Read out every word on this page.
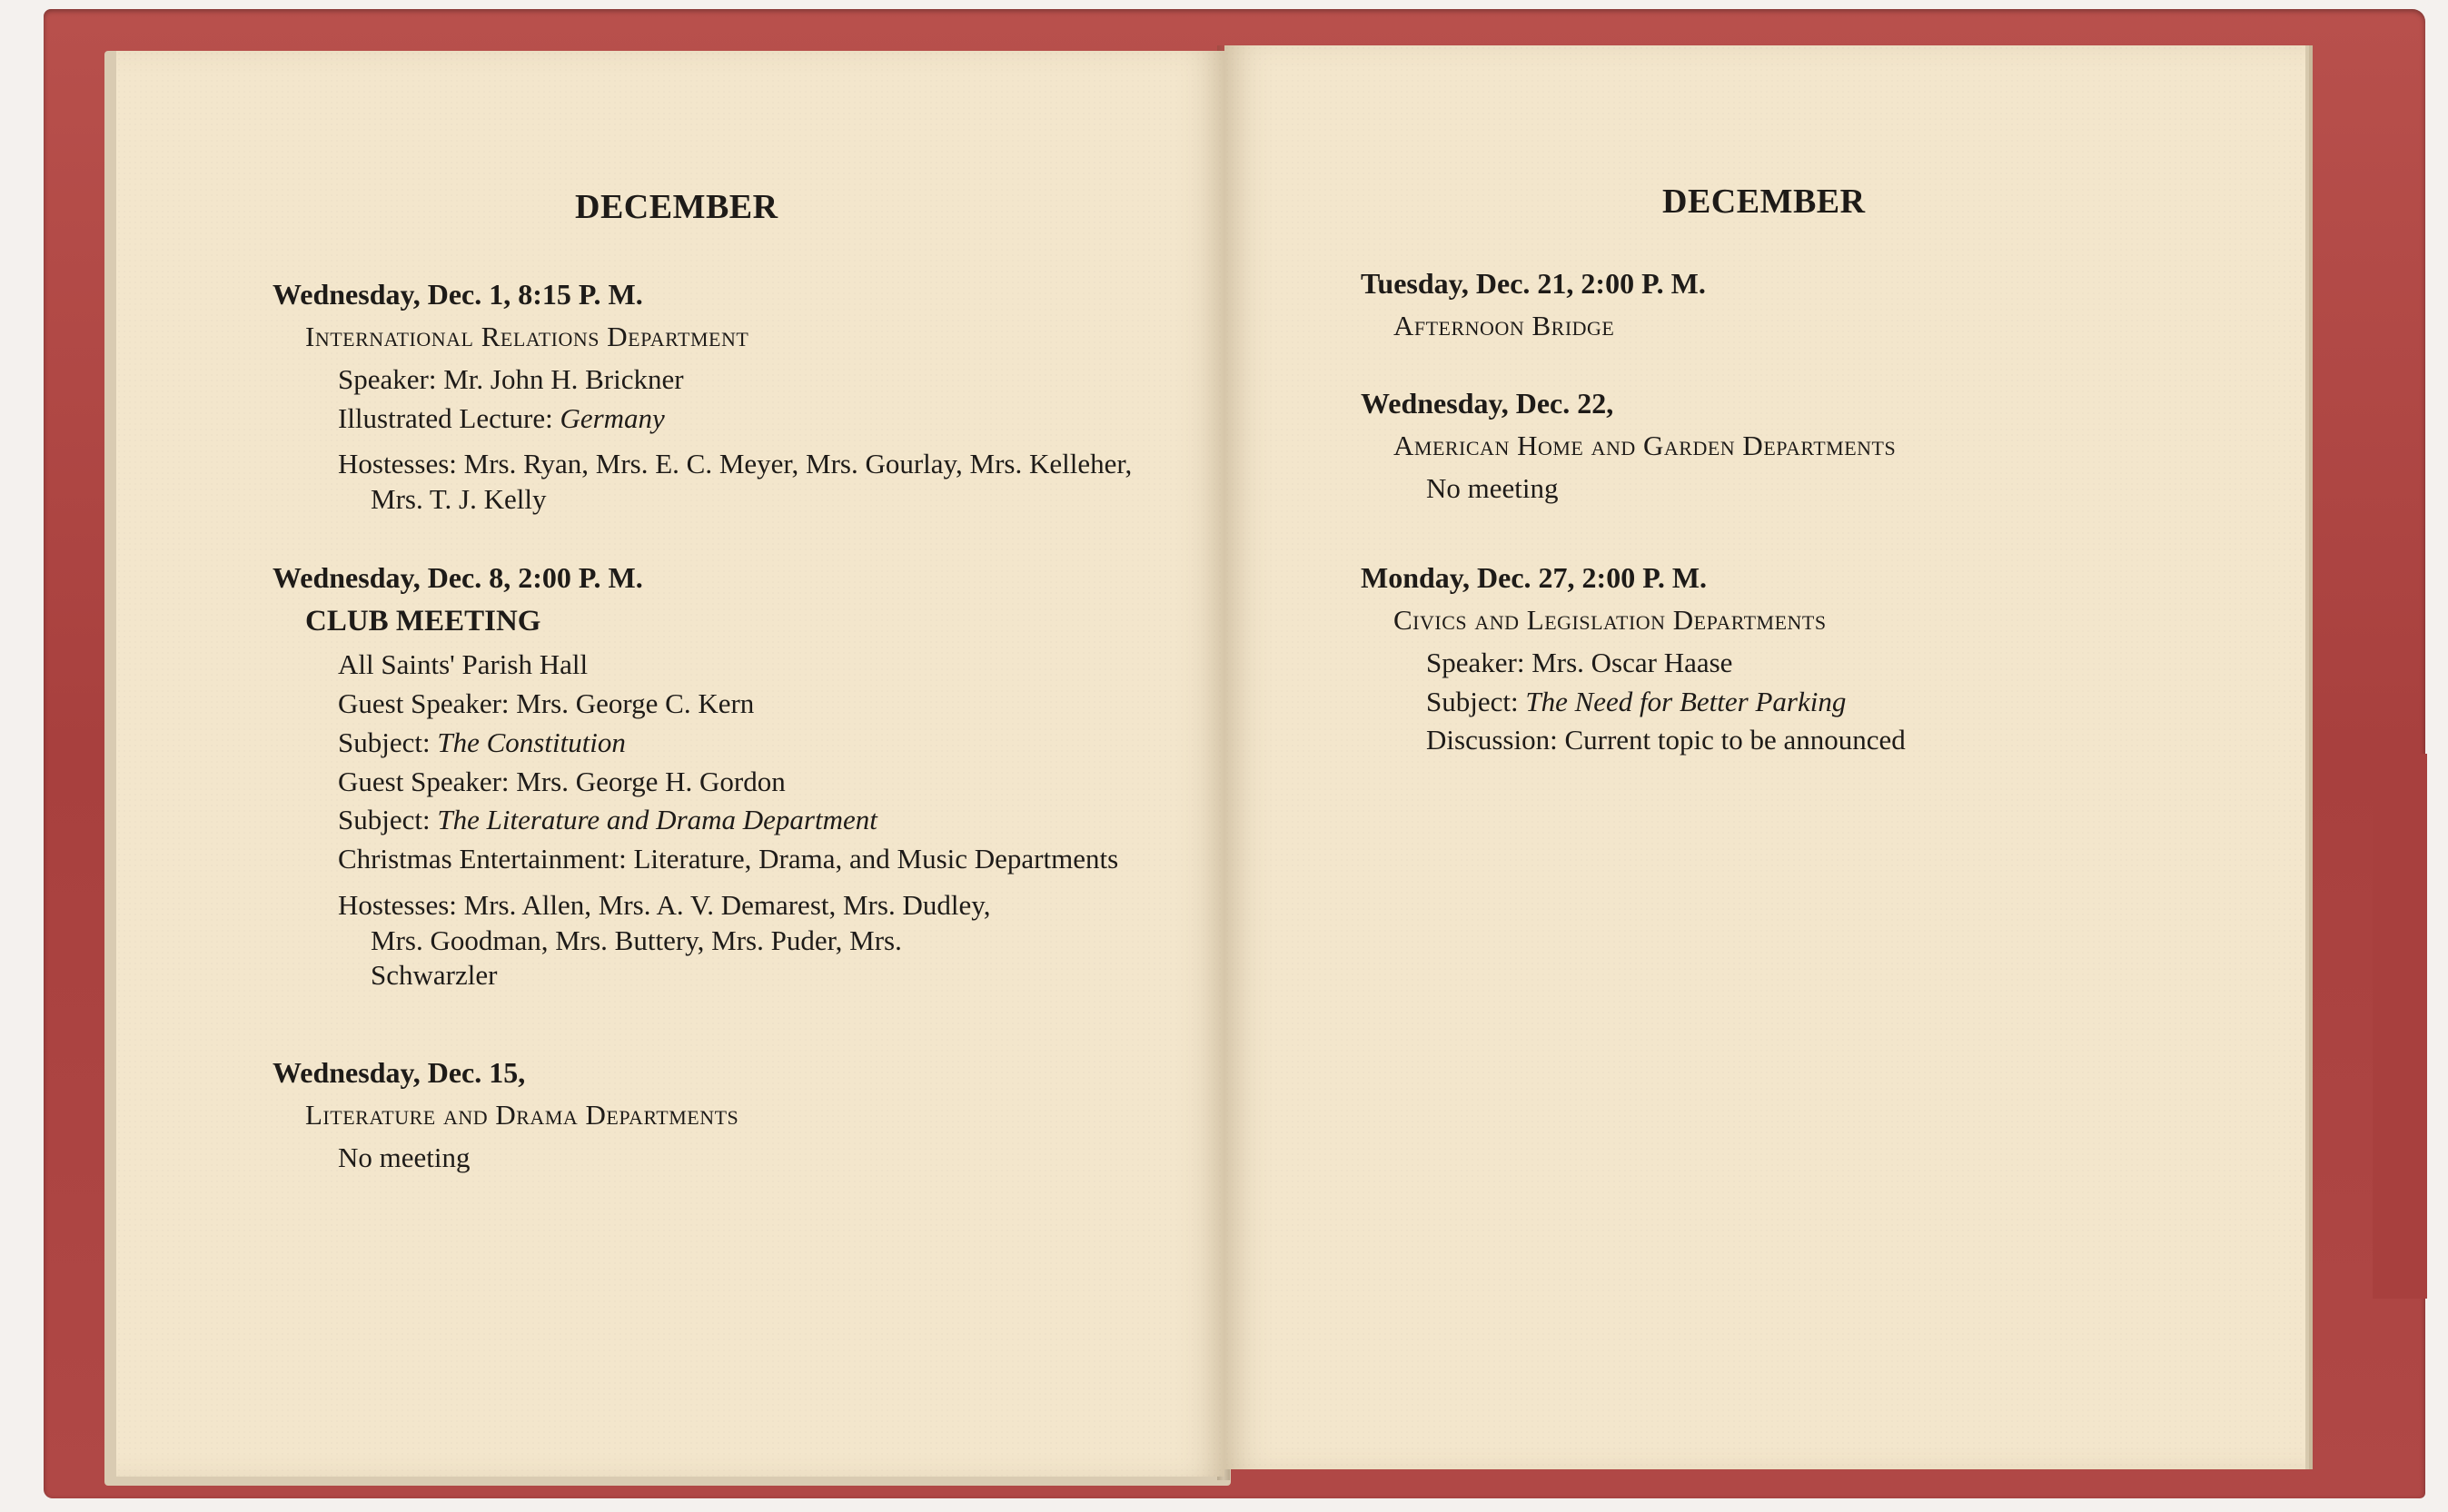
DECEMBER

Wednesday, Dec. 1, 8:15 P. M.

International Relations Department

Speaker: Mr. John H. Brickner

Illustrated Lecture: Germany

Hostesses: Mrs. Ryan, Mrs. E. C. Meyer, Mrs. Gourlay, Mrs. Kelleher, Mrs. T. J. Kelly

Wednesday, Dec. 8, 2:00 P. M.

CLUB MEETING

All Saints' Parish Hall

Guest Speaker: Mrs. George C. Kern

Subject: The Constitution

Guest Speaker: Mrs. George H. Gordon

Subject: The Literature and Drama Department

Christmas Entertainment: Literature, Drama, and Music Departments

Hostesses: Mrs. Allen, Mrs. A. V. Demarest, Mrs. Dudley, Mrs. Goodman, Mrs. Buttery, Mrs. Puder, Mrs. Schwarzler

Wednesday, Dec. 15,

Literature and Drama Departments

No meeting

DECEMBER

Tuesday, Dec. 21, 2:00 P. M.

Afternoon Bridge

Wednesday, Dec. 22,

American Home and Garden Departments

No meeting

Monday, Dec. 27, 2:00 P. M.

Civics and Legislation Departments

Speaker: Mrs. Oscar Haase

Subject: The Need for Better Parking

Discussion: Current topic to be announced
